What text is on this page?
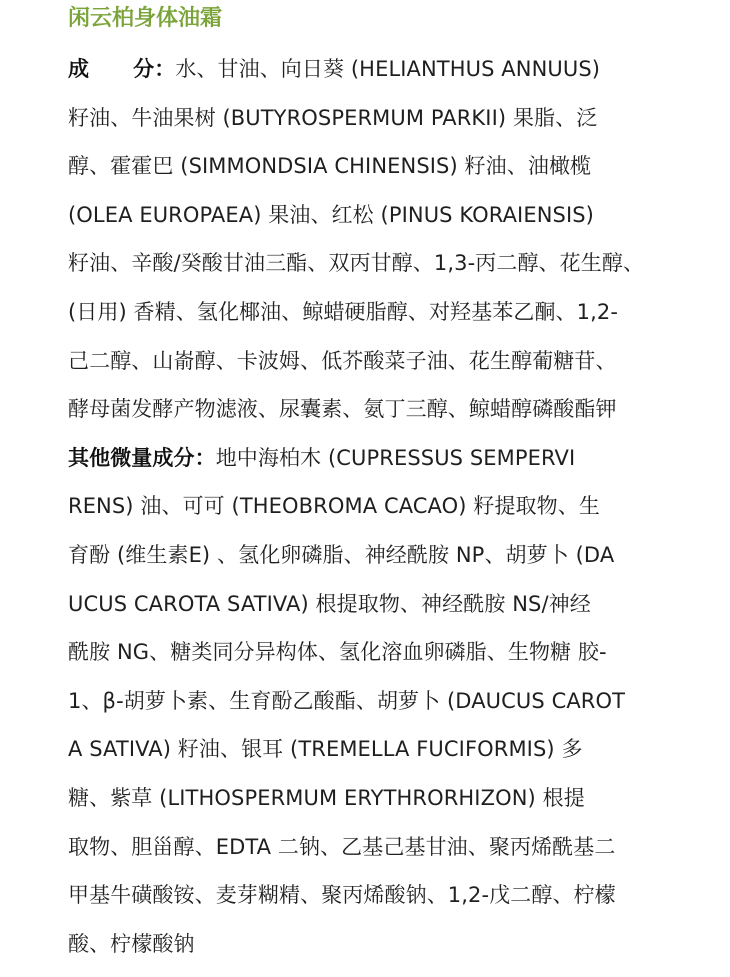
闲云柏身体油霜
成 分：水、甘油、向日葵 (HELIANTHUS ANNUUS)
籽油、牛油果树 (BUTYROSPERMUM PARKII) 果脂、泛
醇、霍霍巴 (SIMMONDSIA CHINENSIS) 籽油、油橄榄
(OLEA EUROPAEA) 果油、红松 (PINUS KORAIENSIS)
籽油、辛酸/癸酸甘油三酯、双丙甘醇、1,3-丙二醇、花生醇、
(日用) 香精、氢化椰油、鲸蜡硬脂醇、对羟基苯乙酮、1,2-
己二醇、山嵛醇、卡波姆、低芥酸菜子油、花生醇葡糖苷、
酵母菌发酵产物滤液、尿囊素、氨丁三醇、鲸蜡醇磷酸酯钾
其他微量成分：地中海柏木 (CUPRESSUS SEMPERVI
RENS) 油、可可 (THEOBROMA CACAO) 籽提取物、生
育酚 (维生素E) 、氢化卵磷脂、神经酰胺 NP、胡萝卜 (DA
UCUS CAROTA SATIVA) 根提取物、神经酰胺 NS/神经
酰胺 NG、糖类同分异构体、氢化溶血卵磷脂、生物糖 胶-
1、β-胡萝卜素、生育酚乙酸酯、胡萝卜 (DAUCUS CAROT
A SATIVA) 籽油、银耳 (TREMELLA FUCIFORMIS) 多
糖、紫草 (LITHOSPERMUM ERYTHRORHIZON) 根提
取物、胆甾醇、EDTA 二钠、乙基己基甘油、聚丙烯酰基二
甲基牛磺酸铵、麦芽糊精、聚丙烯酸钠、1,2-戊二醇、柠檬
酸、柠檬酸钠
